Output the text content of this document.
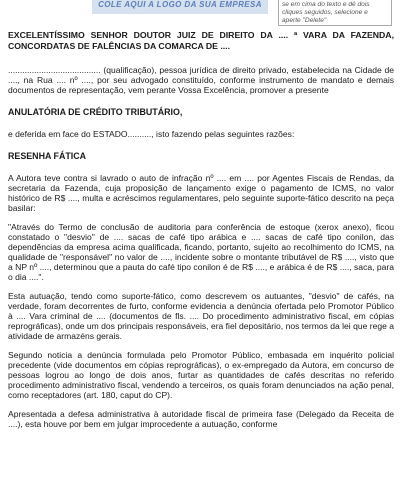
COLE AQUI A LOGO DA SUA EMPRESA	se em cima do texto e dê dois cliques seguidos, selecione e aperte "Delete"

EXCELENTÍSSIMO SENHOR DOUTOR JUIZ DE DIREITO DA .... ª VARA DA FAZENDA, CONCORDATAS DE FALÊNCIAS DA COMARCA DE ....

....................................... (qualificação), pessoa jurídica de direito privado, estabelecida na Cidade de ...., na Rua .... nº ...., por seu advogado constituído, conforme instrumento de mandato e demais documentos de representação, vem perante Vossa Excelência, promover a presente

ANULATÓRIA DE CRÉDITO TRIBUTÁRIO,

e deferida em face do ESTADO.........., isto fazendo pelas seguintes razões:

RESENHA FÁTICA

A Autora teve contra si lavrado o auto de infração nº .... em .... por Agentes Fiscais de Rendas, da secretaria da Fazenda, cuja proposição de lançamento exige o pagamento de ICMS, no valor histórico de R$ ...., multa e acréscimos regulamentares, pelo seguinte suporte-fático descrito na peça basilar:

"Através do Termo de conclusão de auditoria para conferência de estoque (xerox anexo), ficou constatado o "desvio" de .... sacas de café tipo arábica e .... sacas de café tipo conilon, das dependências da empresa acima qualificada, ficando, portanto, sujeito ao recolhimento do ICMS, na qualidade de "responsável" no valor de ...., incidente sobre o montante tributável de R$ ...., visto que a NP nº ...., determinou que a pauta do café tipo conilon é de R$ ...., e arábica é de R$ ...., saca, para o dia ....".

Esta autuação, tendo como suporte-fático, como descrevem os autuantes, "desvio" de cafés, na verdade, foram decorrentes de furto, conforme evidencia a denúncia ofertada pelo Promotor Público à .... Vara criminal de .... (documentos de fls. .... Do procedimento administrativo fiscal, em cópias reprográficas), onde um dos principais responsáveis, era fiel depositário, nos termos da lei que rege a atividade de armazéns gerais.

Segundo noticia a denúncia formulada pelo Promotor Público, embasada em inquérito policial precedente (vide documentos em cópias reprográficas), o ex-empregado da Autora, em concurso de pessoas logrou ao longo de dois anos, furtar as quantidades de cafés descritas no referido procedimento administrativo fiscal, vendendo a terceiros, os quais foram denunciados na ação penal, como receptadores (art. 180, caput do CP).

Apresentada a defesa administrativa à autoridade fiscal de primeira fase (Delegado da Receita de ....), esta houve por bem em julgar improcedente a autuação, conforme
